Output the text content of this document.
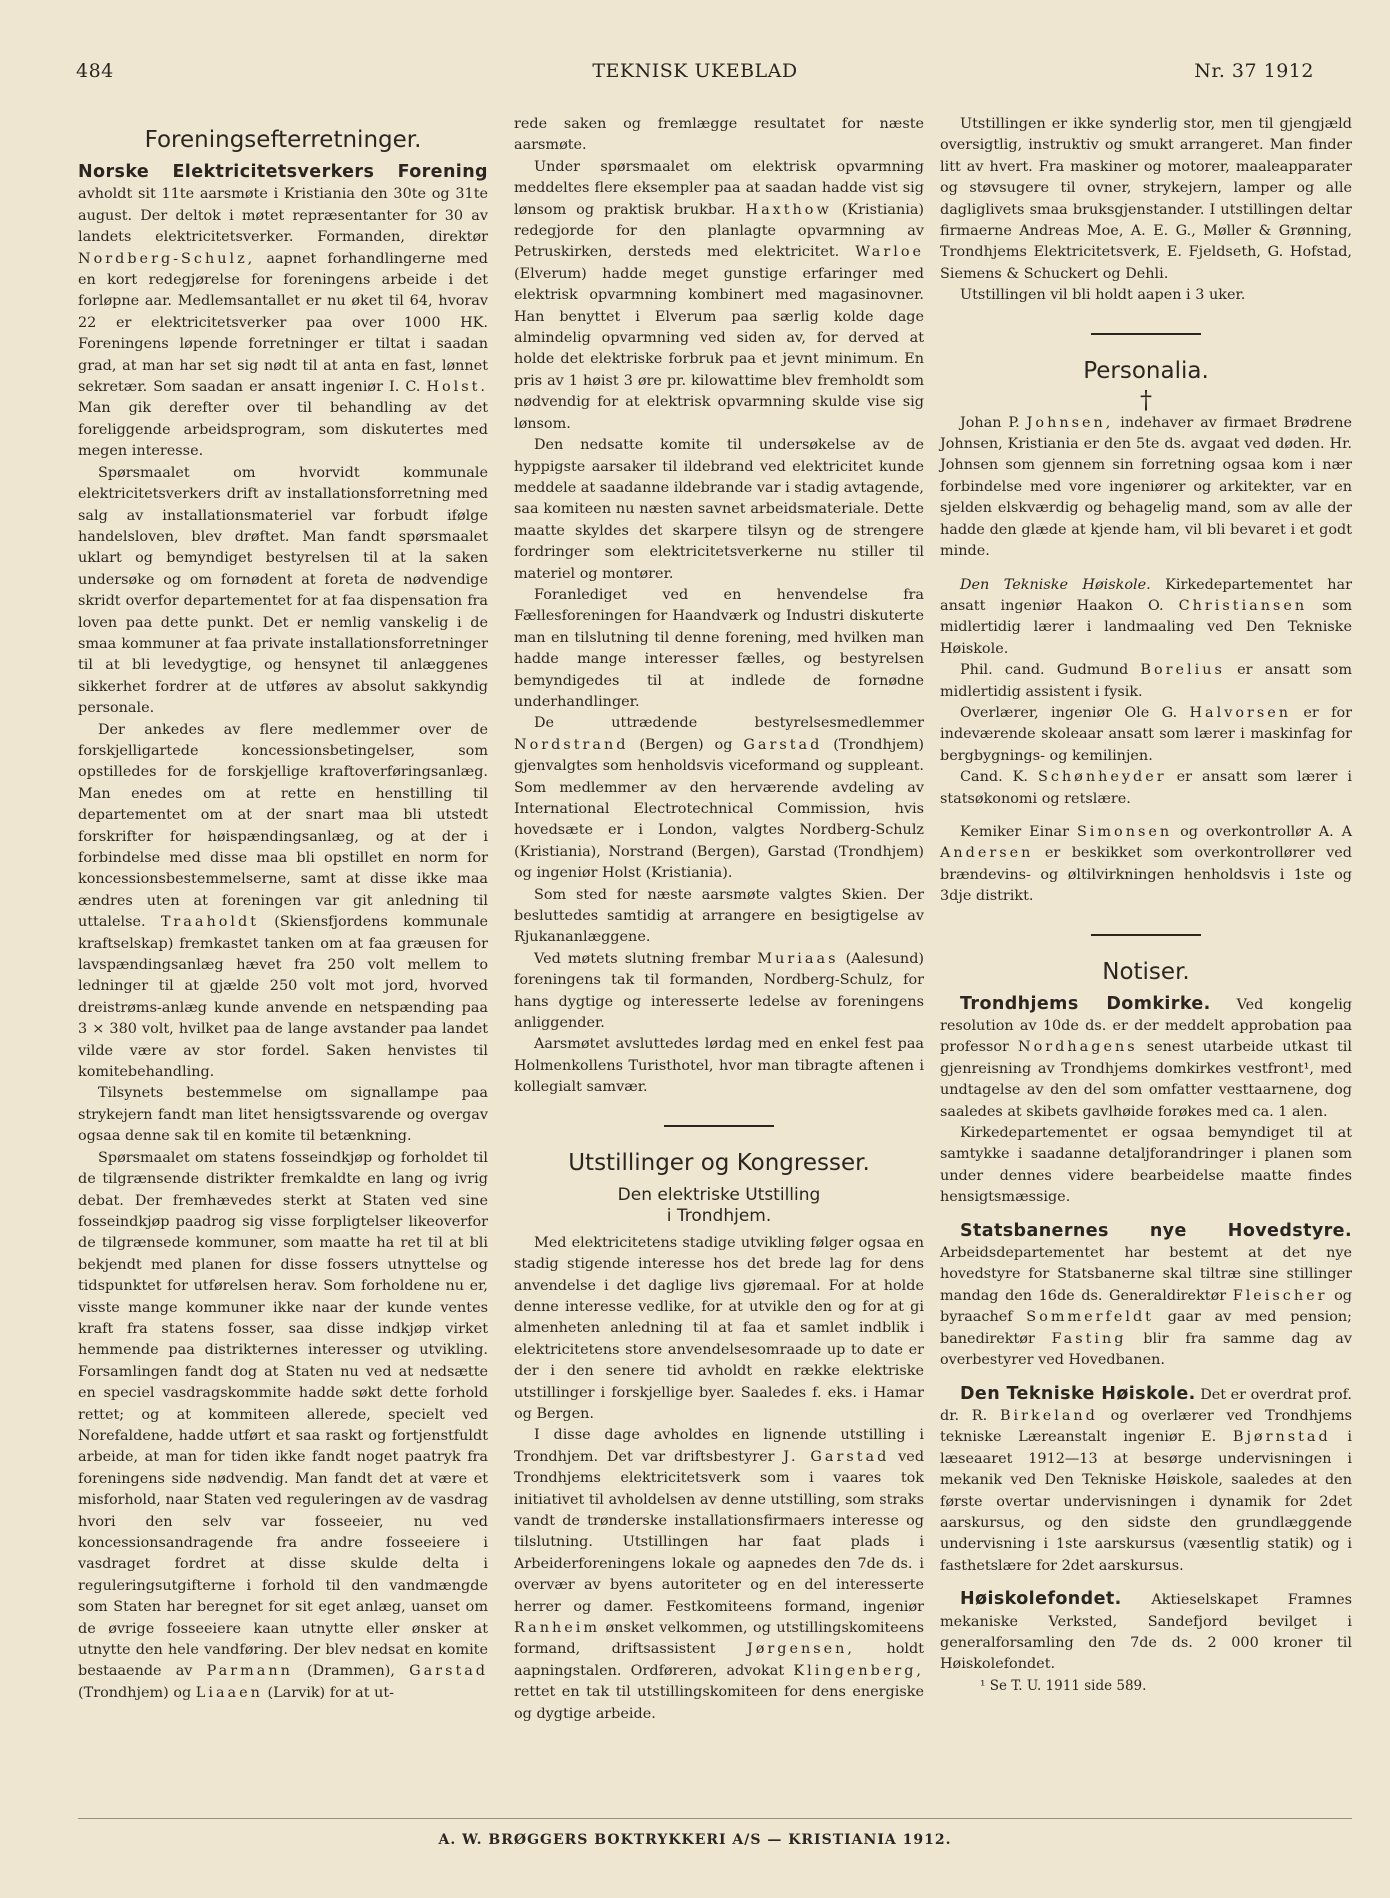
484	TEKNISK UKEBLAD	Nr. 37 1912
Foreningsefterretninger.

Norske Elektricitetsverkers Forening avholdt sit 11te aarsmøte i Kristiania den 30te og 31te august. Der deltok i møtet repræsentanter for 30 av landets elektricitetsverker. Formanden, direktør Nordberg-Schulz, aapnet forhandlingerne med en kort redegjørelse for foreningens arbeide i det forløpne aar. Medlemsantallet er nu øket til 64, hvorav 22 er elektricitetsverker paa over 1000 HK. Foreningens løpende forretninger er tiltat i saadan grad, at man har set sig nødt til at anta en fast, lønnet sekretær. Som saadan er ansatt ingeniør I. C. Holst. Man gik derefter over til behandling av det foreliggende arbeidsprogram, som diskutertes med megen interesse.

Spørsmaalet om hvorvidt kommunale elektricitetsverkers drift av installationsforretning med salg av installationsmateriel var forbudt ifølge handelsloven, blev drøftet. Man fandt spørsmaalet uklart og bemyndiget bestyrelsen til at la saken undersøke og om fornødent at foreta de nødvendige skridt overfor departementet for at faa dispensation fra loven paa dette punkt. Det er nemlig vanskelig i de smaa kommuner at faa private installationsforretninger til at bli levedygtige, og hensynet til anlæggenes sikkerhet fordrer at de utføres av absolut sakkyndig personale.

Der ankedes av flere medlemmer over de forskjelligartede koncessionsbetingelser, som opstilledes for de forskjellige kraftoverføringsanlæg. Man enedes om at rette en henstilling til departementet om at der snart maa bli utstedt forskrifter for høispændingsanlæg, og at der i forbindelse med disse maa bli opstillet en norm for koncessionsbestemmelserne, samt at disse ikke maa ændres uten at foreningen var git anledning til uttalelse. Traaholdt (Skiensfjordens kommunale kraftselskap) fremkastet tanken om at faa græusen for lavspændingsanlæg hævet fra 250 volt mellem to ledninger til at gjælde 250 volt mot jord, hvorved dreistrøms-anlæg kunde anvende en netspænding paa 3 × 380 volt, hvilket paa de lange avstander paa landet vilde være av stor fordel. Saken henvistes til komitebehandling.

Tilsynets bestemmelse om signallampe paa strykejern fandt man litet hensigtssvarende og overgav ogsaa denne sak til en komite til betænkning.

Spørsmaalet om statens fosseindkjøp og forholdet til de tilgrænsende distrikter fremkaldte en lang og ivrig debat. Der fremhævedes sterkt at Staten ved sine fosseindkjøp paadrog sig visse forpligtelser likeoverfor de tilgrænsede kommuner, som maatte ha ret til at bli bekjendt med planen for disse fossers utnyttelse og tidspunktet for utførelsen herav. Som forholdene nu er, visste mange kommuner ikke naar der kunde ventes kraft fra statens fosser, saa disse indkjøp virket hemmende paa distrikternes interesser og utvikling. Forsamlingen fandt dog at Staten nu ved at nedsætte en speciel vasdragskommite hadde søkt dette forhold rettet; og at kommiteen allerede, specielt ved Norefaldene, hadde utført et saa raskt og fortjenstfuldt arbeide, at man for tiden ikke fandt noget paatryk fra foreningens side nødvendig. Man fandt det at være et misforhold, naar Staten ved reguleringen av de vasdrag hvori den selv var fosseeier, nu ved koncessionsandragende fra andre fosseeiere i vasdraget fordret at disse skulde delta i reguleringsutgifterne i forhold til den vandmængde som Staten har beregnet for sit eget anlæg, uanset om de øvrige fosseeiere kaan utnytte eller ønsker at utnytte den hele vandføring. Der blev nedsat en komite bestaaende av Parmann (Drammen), Garstad (Trondhjem) og Liaaen (Larvik) for at ut-

rede saken og fremlægge resultatet for næste aarsmøte.

Under spørsmaalet om elektrisk opvarmning meddeltes flere eksempler paa at saadan hadde vist sig lønsom og praktisk brukbar. Haxthow (Kristiania) redegjorde for den planlagte opvarmning av Petruskirken, dersteds med elektricitet. Warloe (Elverum) hadde meget gunstige erfaringer med elektrisk opvarmning kombinert med magasinovner. Han benyttet i Elverum paa særlig kolde dage almindelig opvarmning ved siden av, for derved at holde det elektriske forbruk paa et jevnt minimum. En pris av 1 høist 3 øre pr. kilowattime blev fremholdt som nødvendig for at elektrisk opvarmning skulde vise sig lønsom.

Den nedsatte komite til undersøkelse av de hyppigste aarsaker til ildebrand ved elektricitet kunde meddele at saadanne ildebrande var i stadig avtagende, saa komiteen nu næsten savnet arbeidsmateriale. Dette maatte skyldes det skarpere tilsyn og de strengere fordringer som elektricitetsverkerne nu stiller til materiel og montører.

Foranlediget ved en henvendelse fra Fællesforeningen for Haandværk og Industri diskuterte man en tilslutning til denne forening, med hvilken man hadde mange interesser fælles, og bestyrelsen bemyndigedes til at indlede de fornødne underhandlinger.

De uttrædende bestyrelsesmedlemmer Nordstrand (Bergen) og Garstad (Trondhjem) gjenvalgtes som henholdsvis viceformand og suppleant. Som medlemmer av den herværende avdeling av International Electrotechnical Commission, hvis hovedsæte er i London, valgtes Nordberg-Schulz (Kristiania), Norstrand (Bergen), Garstad (Trondhjem) og ingeniør Holst (Kristiania).

Som sted for næste aarsmøte valgtes Skien. Der besluttedes samtidig at arrangere en besigtigelse av Rjukananlæggene.

Ved møtets slutning frembar Muriaas (Aalesund) foreningens tak til formanden, Nordberg-Schulz, for hans dygtige og interesserte ledelse av foreningens anliggender.

Aarsmøtet avsluttedes lørdag med en enkel fest paa Holmenkollens Turisthotel, hvor man tibragte aftenen i kollegialt samvær.

Utstillinger og Kongresser.
Den elektriske Utstilling
i Trondhjem.

Med elektricitetens stadige utvikling følger ogsaa en stadig stigende interesse hos det brede lag for dens anvendelse i det daglige livs gjøremaal. For at holde denne interesse vedlike, for at utvikle den og for at gi almenheten anledning til at faa et samlet indblik i elektricitetens store anvendelsesomraade up to date er der i den senere tid avholdt en række elektriske utstillinger i forskjellige byer. Saaledes f. eks. i Hamar og Bergen.

I disse dage avholdes en lignende utstilling i Trondhjem. Det var driftsbestyrer J. Garstad ved Trondhjems elektricitetsverk som i vaares tok initiativet til avholdelsen av denne utstilling, som straks vandt de trønderske installationsfirmaers interesse og tilslutning. Utstillingen har faat plads i Arbeiderforeningens lokale og aapnedes den 7de ds. i overvær av byens autoriteter og en del interesserte herrer og damer. Festkomiteens formand, ingeniør Ranheim ønsket velkommen, og utstillingskomiteens formand, driftsassistent Jørgensen, holdt aapningstalen. Ordføreren, advokat Klingenberg, rettet en tak til utstillingskomiteen for dens energiske og dygtige arbeide.

Utstillingen er ikke synderlig stor, men til gjengjæld oversigtlig, instruktiv og smukt arrangeret. Man finder litt av hvert. Fra maskiner og motorer, maaleapparater og støvsugere til ovner, strykejern, lamper og alle dagliglivets smaa bruksgjenstander. I utstillingen deltar firmaerne Andreas Moe, A. E. G., Møller & Grønning, Trondhjems Elektricitetsverk, E. Fjeldseth, G. Hofstad, Siemens & Schuckert og Dehli.

Utstillingen vil bli holdt aapen i 3 uker.

Personalia.
†

Johan P. Johnsen, indehaver av firmaet Brødrene Johnsen, Kristiania er den 5te ds. avgaat ved døden. Hr. Johnsen som gjennem sin forretning ogsaa kom i nær forbindelse med vore ingeniører og arkitekter, var en sjelden elskværdig og behagelig mand, som av alle der hadde den glæde at kjende ham, vil bli bevaret i et godt minde.

Den Tekniske Høiskole. Kirkedepartementet har ansatt ingeniør Haakon O. Christiansen som midlertidig lærer i landmaaling ved Den Tekniske Høiskole.

Phil. cand. Gudmund Borelius er ansatt som midlertidig assistent i fysik.

Overlærer, ingeniør Ole G. Halvorsen er for indeværende skoleaar ansatt som lærer i maskinfag for bergbygnings- og kemilinjen.

Cand. K. Schønheyder er ansatt som lærer i statsøkonomi og retslære.

Kemiker Einar Simonsen og overkontrollør A. A Andersen er beskikket som overkontrollører ved brændevins- og øltilvirkningen henholdsvis i 1ste og 3dje distrikt.

Notiser.

Trondhjems Domkirke. Ved kongelig resolution av 10de ds. er der meddelt approbation paa professor Nordhagens senest utarbeide utkast til gjenreisning av Trondhjems domkirkes vestfront¹, med undtagelse av den del som omfatter vesttaarnene, dog saaledes at skibets gavlhøide forøkes med ca. 1 alen.

Kirkedepartementet er ogsaa bemyndiget til at samtykke i saadanne detaljforandringer i planen som under dennes videre bearbeidelse maatte findes hensigtsmæssige.

Statsbanernes nye Hovedstyre. Arbeidsdepartementet har bestemt at det nye hovedstyre for Statsbanerne skal tiltræ sine stillinger mandag den 16de ds. Generaldirektør Fleischer og byraachef Sommerfeldt gaar av med pension; banedirektør Fasting blir fra samme dag av overbestyrer ved Hovedbanen.

Den Tekniske Høiskole. Det er overdrat prof. dr. R. Birkeland og overlærer ved Trondhjems tekniske Læreanstalt ingeniør E. Bjørnstad i læseaaret 1912—13 at besørge undervisningen i mekanik ved Den Tekniske Høiskole, saaledes at den første overtar undervisningen i dynamik for 2det aarskursus, og den sidste den grundlæggende undervisning i 1ste aarskursus (væsentlig statik) og i fasthetslære for 2det aarskursus.

Høiskolefondet. Aktieselskapet Framnes mekaniske Verksted, Sandefjord bevilget i generalforsamling den 7de ds. 2 000 kroner til Høiskolefondet.

¹ Se T. U. 1911 side 589.

A. W. BRØGGERS BOKTRYKKERI A/S — KRISTIANIA 1912.
